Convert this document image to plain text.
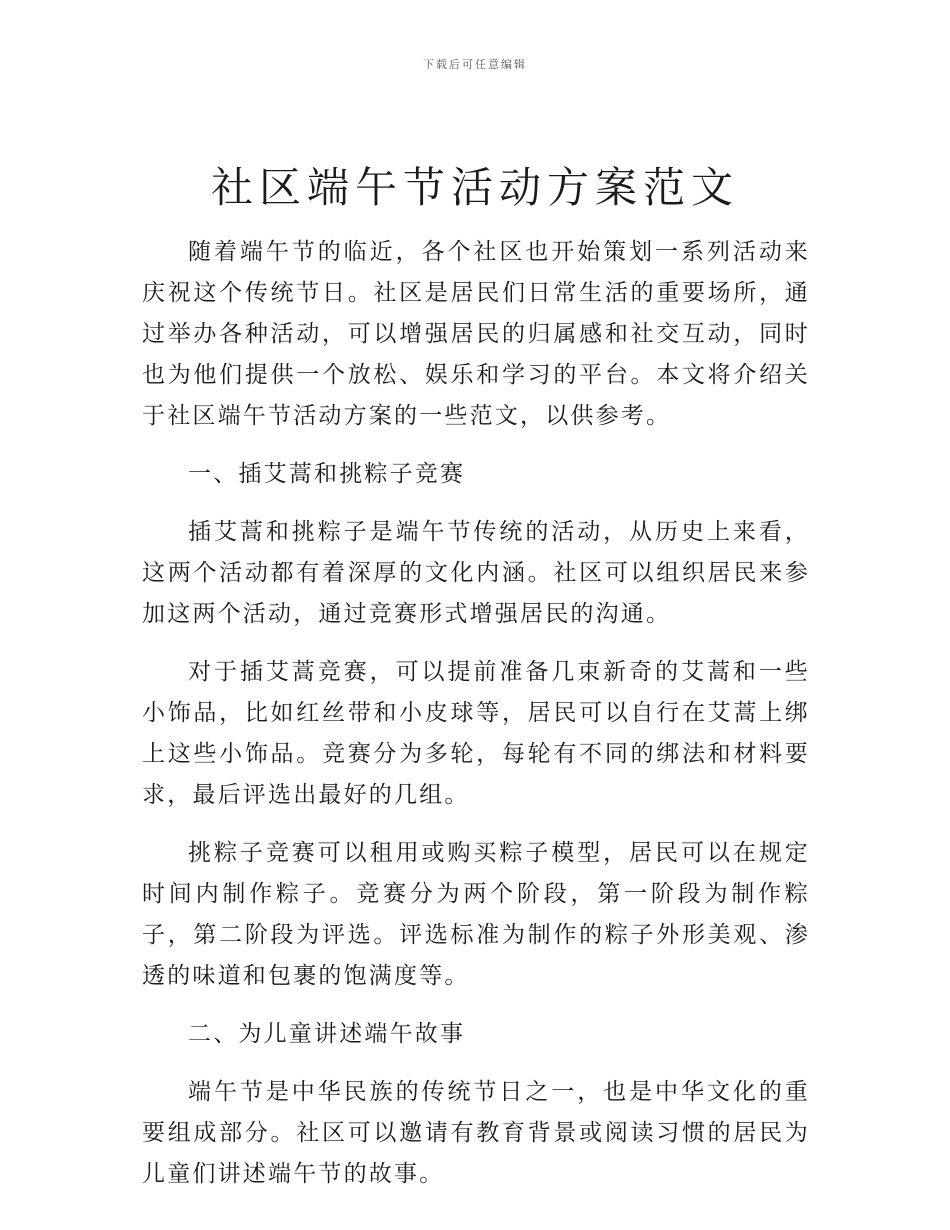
下载后可任意编辑
社区端午节活动方案范文

随着端午节的临近，各个社区也开始策划一系列活动来庆祝这个传统节日。社区是居民们日常生活的重要场所，通过举办各种活动，可以增强居民的归属感和社交互动，同时也为他们提供一个放松、娱乐和学习的平台。本文将介绍关于社区端午节活动方案的一些范文，以供参考。

一、插艾蒿和挑粽子竞赛

插艾蒿和挑粽子是端午节传统的活动，从历史上来看，这两个活动都有着深厚的文化内涵。社区可以组织居民来参加这两个活动，通过竞赛形式增强居民的沟通。

对于插艾蒿竞赛，可以提前准备几束新奇的艾蒿和一些小饰品，比如红丝带和小皮球等，居民可以自行在艾蒿上绑上这些小饰品。竞赛分为多轮，每轮有不同的绑法和材料要求，最后评选出最好的几组。

挑粽子竞赛可以租用或购买粽子模型，居民可以在规定时间内制作粽子。竞赛分为两个阶段，第一阶段为制作粽子，第二阶段为评选。评选标准为制作的粽子外形美观、渗透的味道和包裹的饱满度等。

二、为儿童讲述端午故事

端午节是中华民族的传统节日之一，也是中华文化的重要组成部分。社区可以邀请有教育背景或阅读习惯的居民为儿童们讲述端午节的故事。
